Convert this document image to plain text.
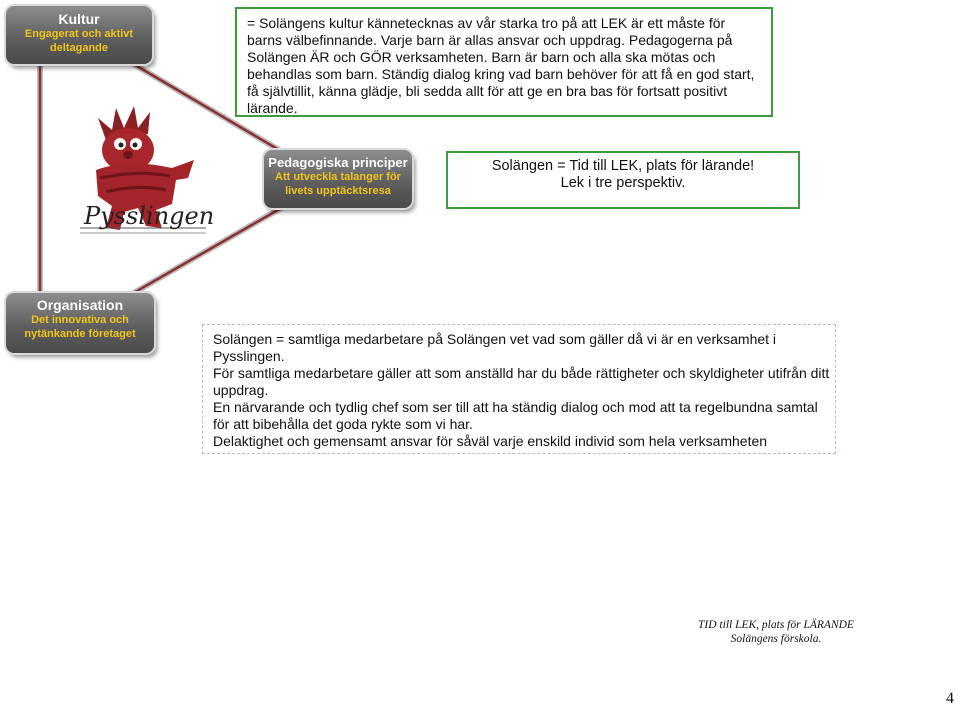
Pysslingen
Kultur
Engagerat och aktivt deltagande
Pedagogiska principer
Att utveckla talanger för livets upptäcktsresa
Organisation
Det innovativa och nytänkande företaget
= Solängens kultur kännetecknas av vår starka tro på att LEK är ett måste för barns välbefinnande. Varje barn är allas ansvar och uppdrag. Pedagogerna på Solängen ÄR och GÖR verksamheten. Barn är barn och alla ska mötas och behandlas som barn. Ständig dialog kring vad barn behöver för att få en god start, få självtillit, känna glädje, bli sedda allt för att ge en bra bas för fortsatt positivt lärande.
Solängen = Tid till LEK, plats för lärande!
Lek i tre perspektiv.

Solängen = samtliga medarbetare på Solängen vet vad som gäller då vi är en verksamhet i Pysslingen.

För samtliga medarbetare gäller att som anställd har du både rättigheter och skyldigheter utifrån ditt uppdrag.

En närvarande och tydlig chef som ser till att ha ständig dialog och mod att ta regelbundna samtal för att bibehålla det goda rykte som vi har.

Delaktighet och gemensamt ansvar för såväl varje enskild individ som hela verksamheten

TID till LEK, plats för LÄRANDE
Solängens förskola.
4
